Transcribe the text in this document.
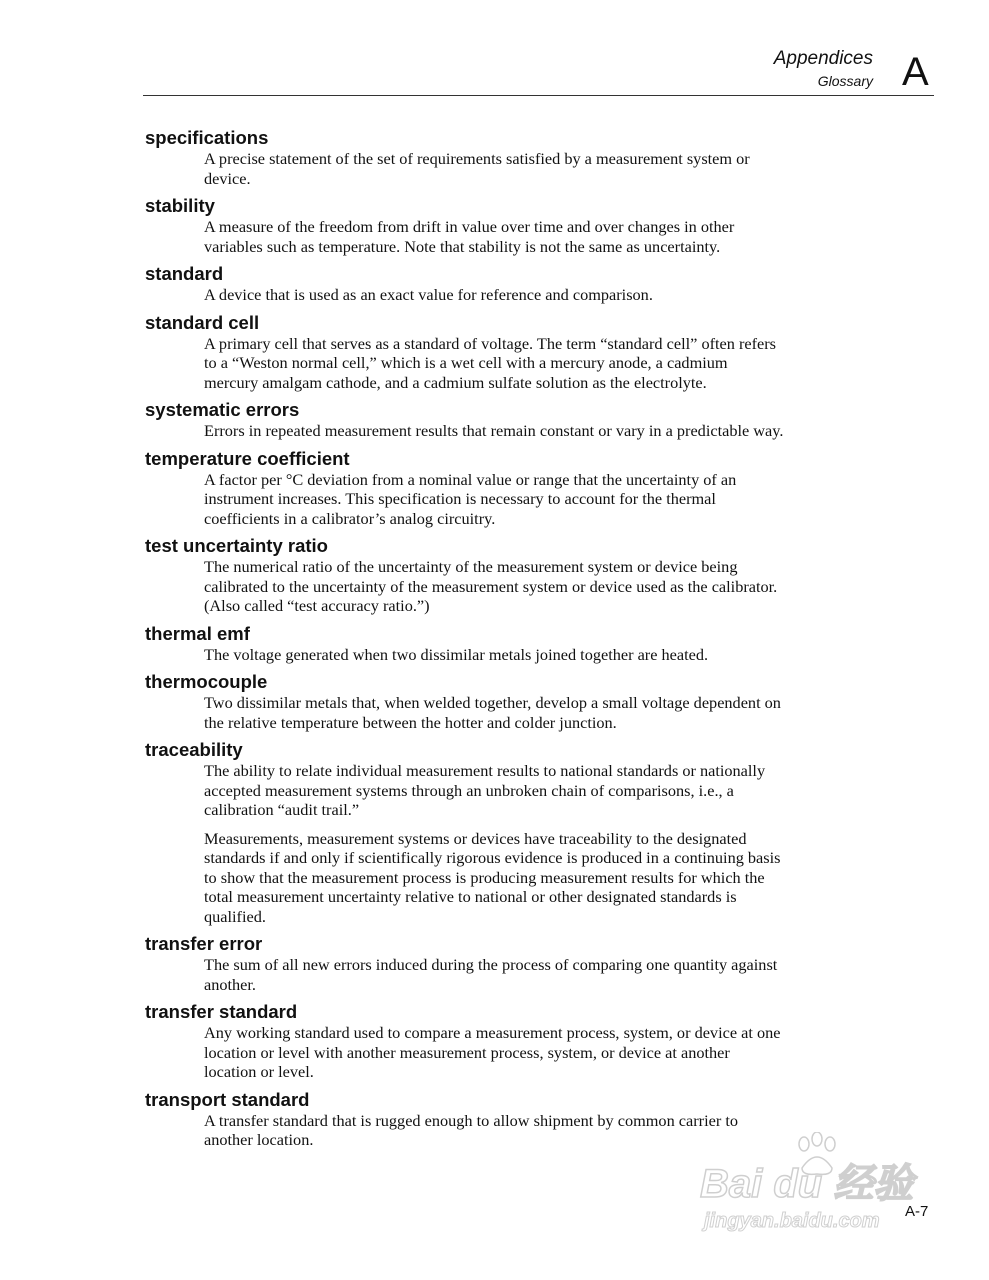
Appendices
Glossary A
specifications
A precise statement of the set of requirements satisfied by a measurement system or
device.
stability
A measure of the freedom from drift in value over time and over changes in other
variables such as temperature. Note that stability is not the same as uncertainty.
standard
A device that is used as an exact value for reference and comparison.
standard cell
A primary cell that serves as a standard of voltage. The term “standard cell” often refers
to a “Weston normal cell,” which is a wet cell with a mercury anode, a cadmium
mercury amalgam cathode, and a cadmium sulfate solution as the electrolyte.
systematic errors
Errors in repeated measurement results that remain constant or vary in a predictable way.
temperature coefficient
A factor per °C deviation from a nominal value or range that the uncertainty of an
instrument increases. This specification is necessary to account for the thermal
coefficients in a calibrator’s analog circuitry.
test uncertainty ratio
The numerical ratio of the uncertainty of the measurement system or device being
calibrated to the uncertainty of the measurement system or device used as the calibrator.
(Also called “test accuracy ratio.”)
thermal emf
The voltage generated when two dissimilar metals joined together are heated.
thermocouple
Two dissimilar metals that, when welded together, develop a small voltage dependent on
the relative temperature between the hotter and colder junction.
traceability
The ability to relate individual measurement results to national standards or nationally
accepted measurement systems through an unbroken chain of comparisons, i.e., a
calibration “audit trail.”
Measurements, measurement systems or devices have traceability to the designated
standards if and only if scientifically rigorous evidence is produced in a continuing basis
to show that the measurement process is producing measurement results for which the
total measurement uncertainty relative to national or other designated standards is
qualified.
transfer error
The sum of all new errors induced during the process of comparing one quantity against
another.
transfer standard
Any working standard used to compare a measurement process, system, or device at one
location or level with another measurement process, system, or device at another
location or level.
transport standard
A transfer standard that is rugged enough to allow shipment by common carrier to
another location.
Bai du 经验
jingyan.baidu.com A-7
